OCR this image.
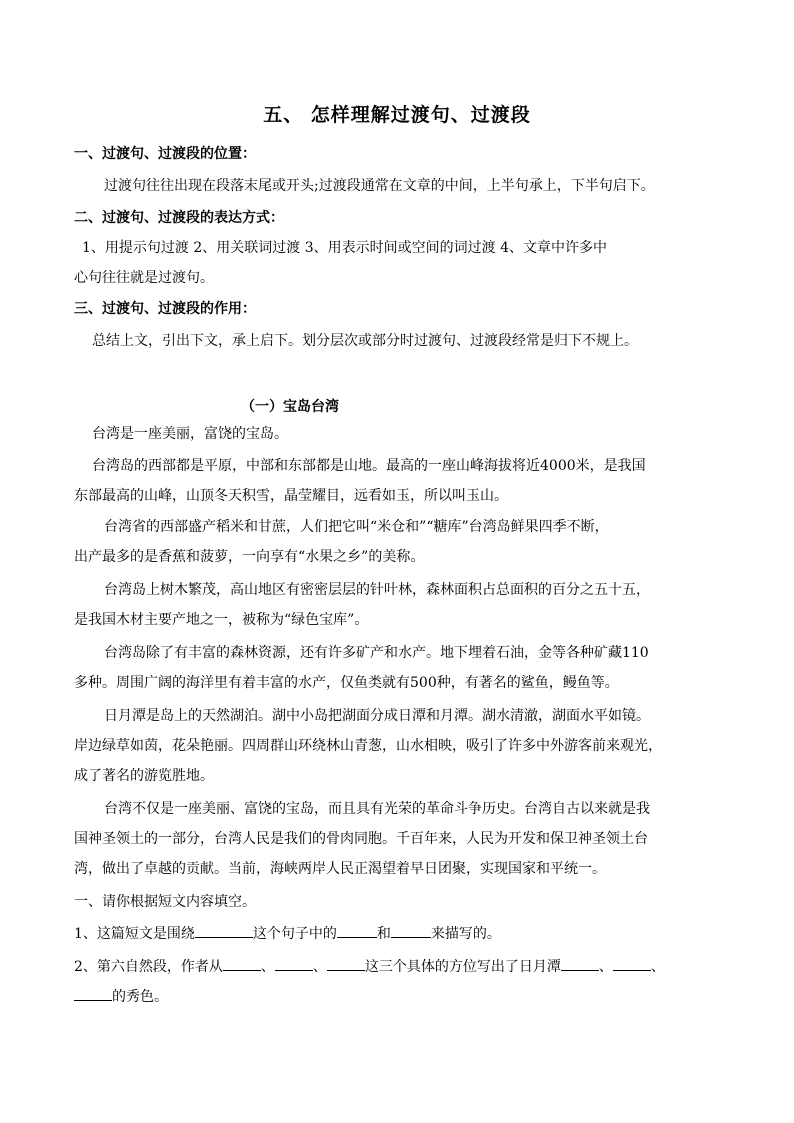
五、 怎样理解过渡句、过渡段
一、过渡句、过渡段的位置：
过渡句往往出现在段落末尾或开头;过渡段通常在文章的中间，上半句承上，下半句启下。
二、过渡句、过渡段的表达方式：
1、用提示句过渡 2、用关联词过渡 3、用表示时间或空间的词过渡 4、文章中许多中
心句往往就是过渡句。
三、过渡句、过渡段的作用：
总结上文，引出下文，承上启下。划分层次或部分时过渡句、过渡段经常是归下不规上。
（一）宝岛台湾
台湾是一座美丽，富饶的宝岛。
台湾岛的西部都是平原，中部和东部都是山地。最高的一座山峰海拔将近4000米，是我国
东部最高的山峰，山顶冬天积雪，晶莹耀目，远看如玉，所以叫玉山。
台湾省的西部盛产稻米和甘蔗，人们把它叫“米仓和”“糖库”台湾岛鲜果四季不断，
出产最多的是香蕉和菠萝，一向享有“水果之乡”的美称。
台湾岛上树木繁茂，高山地区有密密层层的针叶林，森林面积占总面积的百分之五十五，
是我国木材主要产地之一，被称为“绿色宝库”。
台湾岛除了有丰富的森林资源，还有许多矿产和水产。地下埋着石油，金等各种矿藏110
多种。周围广阔的海洋里有着丰富的水产，仅鱼类就有500种，有著名的鲨鱼，鳗鱼等。
日月潭是岛上的天然湖泊。湖中小岛把湖面分成日潭和月潭。湖水清澈，湖面水平如镜。
岸边绿草如茵，花朵艳丽。四周群山环绕林山青葱，山水相映，吸引了许多中外游客前来观光，
成了著名的游览胜地。
台湾不仅是一座美丽、富饶的宝岛，而且具有光荣的革命斗争历史。台湾自古以来就是我
国神圣领土的一部分，台湾人民是我们的骨肉同胞。千百年来，人民为开发和保卫神圣领土台
湾，做出了卓越的贡献。当前，海峡两岸人民正渴望着早日团聚，实现国家和平统一。
一、请你根据短文内容填空。
1、这篇短文是围绕	这个句子中的	和	来描写的。
2、第六自然段，作者从	、	、	这三个具体的方位写出了日月潭	、	、
的秀色。
